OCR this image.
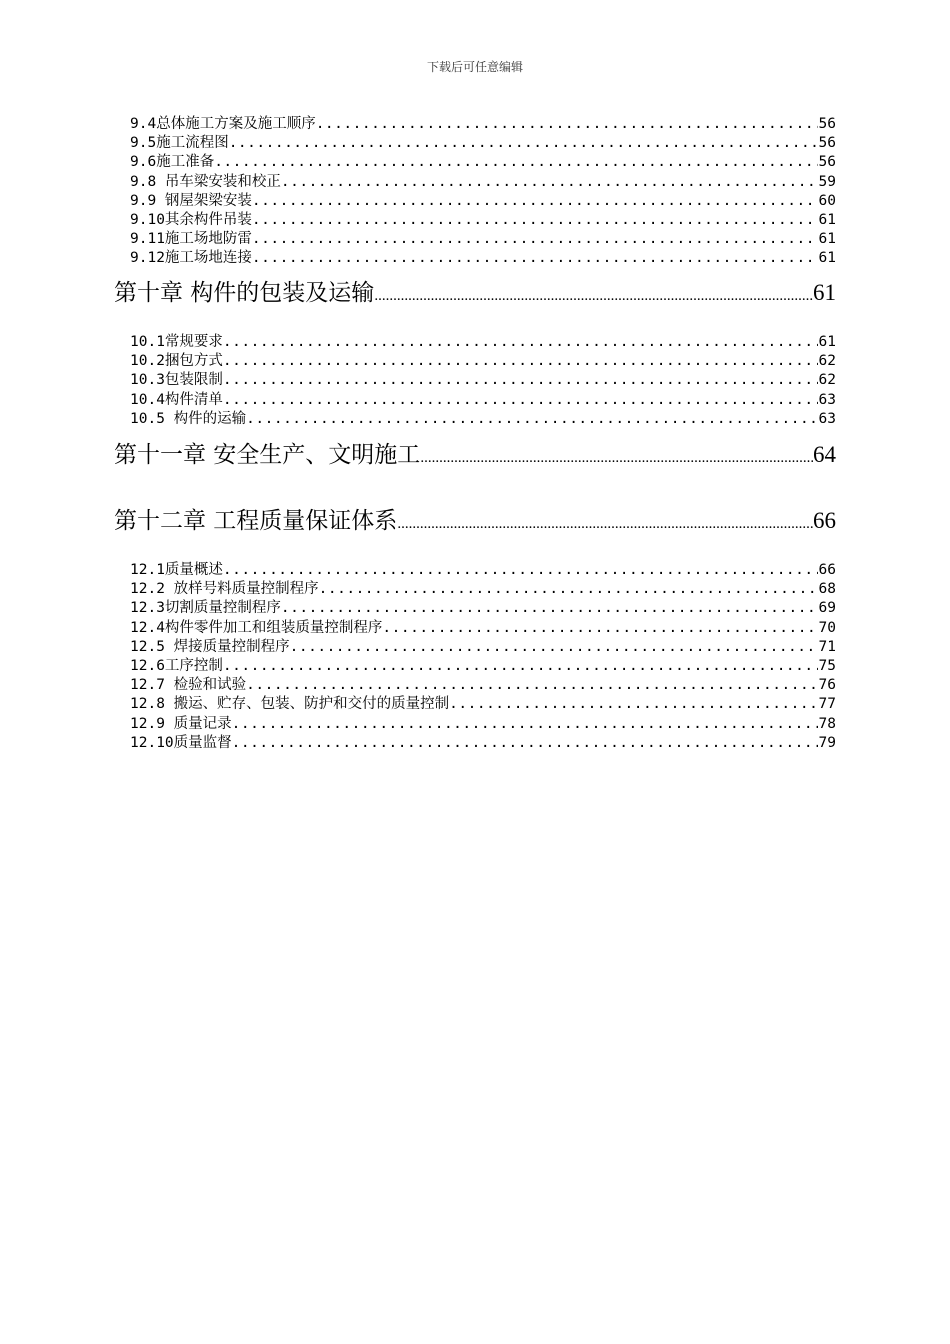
下载后可任意编辑
9.4总体施工方案及施工顺序 .....	56
9.5施工流程图 .....	56
9.6施工准备 .....	56
9.8 吊车梁安装和校正 .....	59
9.9 钢屋架梁安装 .....	60
9.10其余构件吊装 .....	61
9.11施工场地防雷 .....	61
9.12施工场地连接 .....	61
第十章 构件的包装及运输 .....	61
10.1常规要求 .....	61
10.2捆包方式 .....	62
10.3包装限制 .....	62
10.4构件清单 .....	63
10.5 构件的运输 .....	63
第十一章 安全生产、文明施工 .....	64
第十二章 工程质量保证体系 .....	66
12.1质量概述 .....	66
12.2 放样号料质量控制程序 .....	68
12.3切割质量控制程序 .....	69
12.4构件零件加工和组装质量控制程序 .....	70
12.5 焊接质量控制程序 .....	71
12.6工序控制 .....	75
12.7 检验和试验 .....	76
12.8 搬运、贮存、包装、防护和交付的质量控制 .....	77
12.9 质量记录 .....	78
12.10质量监督 .....	79
